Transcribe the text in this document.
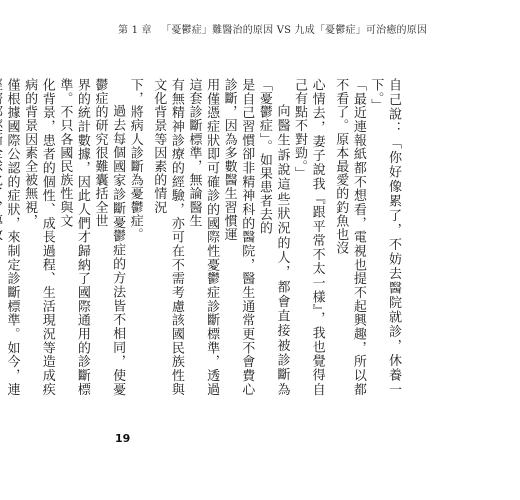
第 1 章 「憂鬱症」難醫治的原因 VS 九成「憂鬱症」可治癒的原因

自己說：「你好像累了，不妨去醫院就診，休養一下。」

「最近連報紙都不想看，電視也提不起興趣，所以都不看了。原本最愛的釣魚也沒

心情去，妻子說我『跟平常不太一樣』，我也覺得自己有點不對勁。」

向醫生訴說這些狀況的人，都會直接被診斷為「憂鬱症」。如果患者去的

是自己習慣卻非精神科的醫院，醫生通常更不會費心診斷，因為多數醫生習慣運

用僅憑症狀即可確診的國際性憂鬱症診斷標準，透過這套診斷標準，無論醫生

有無精神診療的經驗，亦可在不需考慮該國民族性與文化背景等因素的情況

下，將病人診斷為憂鬱症。

過去每個國家診斷憂鬱症的方法皆不相同，使憂鬱症的研究很難囊括全世

界的統計數據，因此人們才歸納了國際通用的診斷標準。不只各國民族性與文

化背景，患者的個性、成長過程、生活現況等造成疾病的背景因素全被無視，

僅根據國際公認的症狀，來制定診斷標準。如今，連

19
